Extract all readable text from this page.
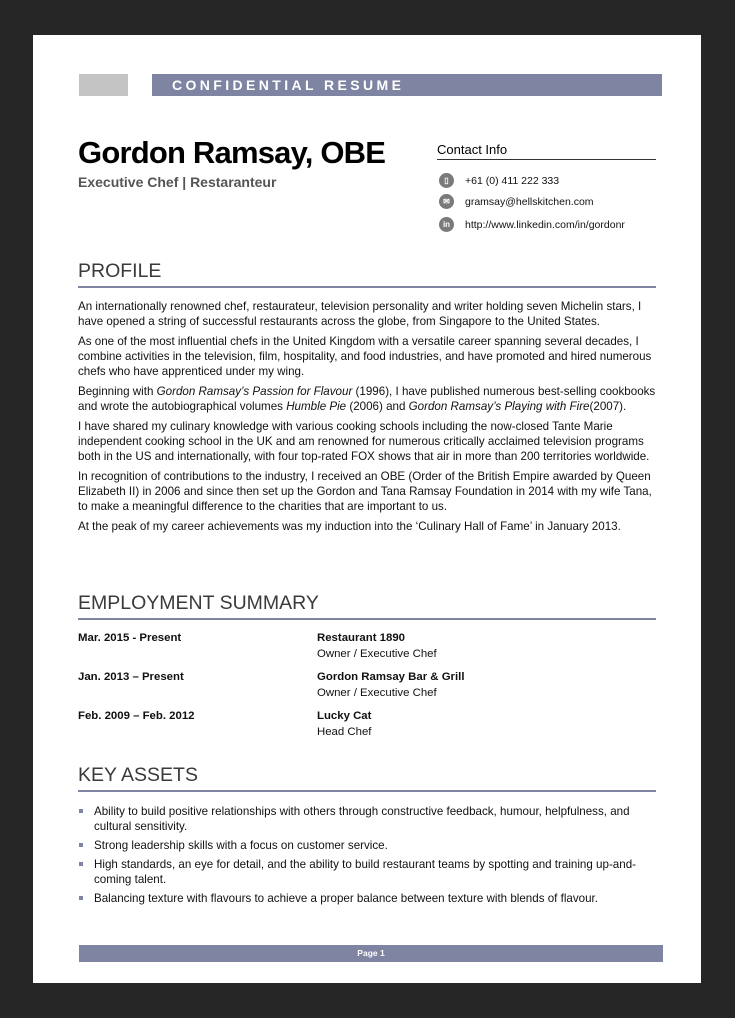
CONFIDENTIAL RESUME
Gordon Ramsay, OBE
Executive Chef | Restaranteur
Contact Info
▯	+61 (0) 411 222 333
✉	gramsay@hellskitchen.com
in	http://www.linkedin.com/in/gordonr
PROFILE

An internationally renowned chef, restaurateur, television personality and writer holding seven Michelin stars, I have opened a string of successful restaurants across the globe, from Singapore to the United States.

As one of the most influential chefs in the United Kingdom with a versatile career spanning several decades, I combine activities in the television, film, hospitality, and food industries, and have promoted and hired numerous chefs who have apprenticed under my wing.

Beginning with Gordon Ramsay’s Passion for Flavour (1996), I have published numerous best-selling cookbooks and wrote the autobiographical volumes Humble Pie (2006) and Gordon Ramsay’s Playing with Fire(2007).

I have shared my culinary knowledge with various cooking schools including the now-closed Tante Marie independent cooking school in the UK and am renowned for numerous critically acclaimed television programs both in the US and internationally, with four top-rated FOX shows that air in more than 200 territories worldwide.

In recognition of contributions to the industry, I received an OBE (Order of the British Empire awarded by Queen Elizabeth II) in 2006 and since then set up the Gordon and Tana Ramsay Foundation in 2014 with my wife Tana, to make a meaningful difference to the charities that are important to us.

At the peak of my career achievements was my induction into the ‘Culinary Hall of Fame’ in January 2013.

EMPLOYMENT SUMMARY
Mar. 2015 - Present	Restaurant 1890
Owner / Executive Chef
Jan. 2013 – Present	Gordon Ramsay Bar & Grill
Owner / Executive Chef
Feb. 2009 – Feb. 2012	Lucky Cat
Head Chef
KEY ASSETS
Ability to build positive relationships with others through constructive feedback, humour, helpfulness, and cultural sensitivity.
Strong leadership skills with a focus on customer service.
High standards, an eye for detail, and the ability to build restaurant teams by spotting and training up-and-coming talent.
Balancing texture with flavours to achieve a proper balance between texture with blends of flavour.
Page 1
